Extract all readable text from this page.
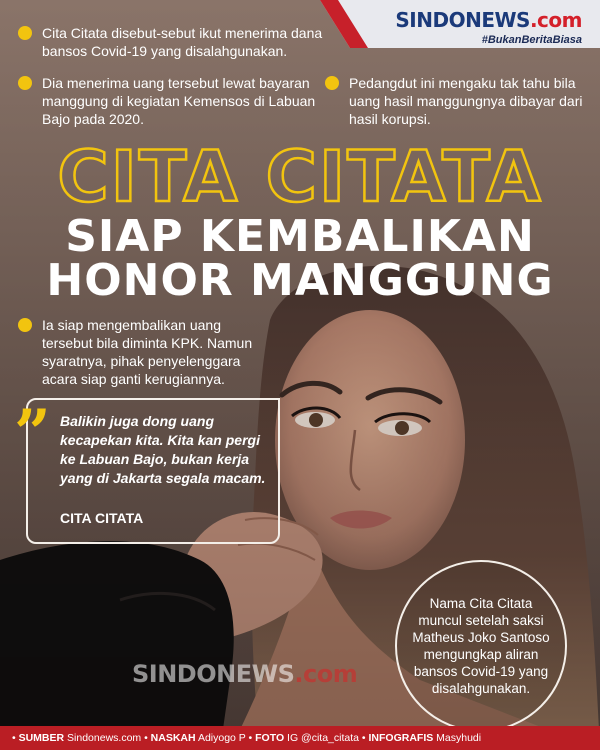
SINDONEWS.com
#BukanBeritaBiasa
Cita Citata disebut-sebut ikut menerima dana bansos Covid-19 yang disalahgunakan.
Dia menerima uang tersebut lewat bayaran manggung di kegiatan Kemensos di Labuan Bajo pada 2020.
Pedangdut ini mengaku tak tahu bila uang hasil manggungnya dibayar dari hasil korupsi.
CITA CITATA
SIAP KEMBALIKAN
HONOR MANGGUNG
Ia siap mengembalikan uang tersebut bila diminta KPK. Namun syaratnya, pihak penyelenggara acara siap ganti kerugiannya.
” Balikin juga dong uang kecapekan kita. Kita kan pergi ke Labuan Bajo, bukan kerja yang di Jakarta segala macam.
CITA CITATA
Nama Cita Citata muncul setelah saksi Matheus Joko Santoso mengungkap aliran bansos Covid-19 yang disalahgunakan.
SINDONEWS.com
• SUMBER Sindonews.com • NASKAH Adiyogo P • FOTO IG @cita_citata • INFOGRAFIS Masyhudi
